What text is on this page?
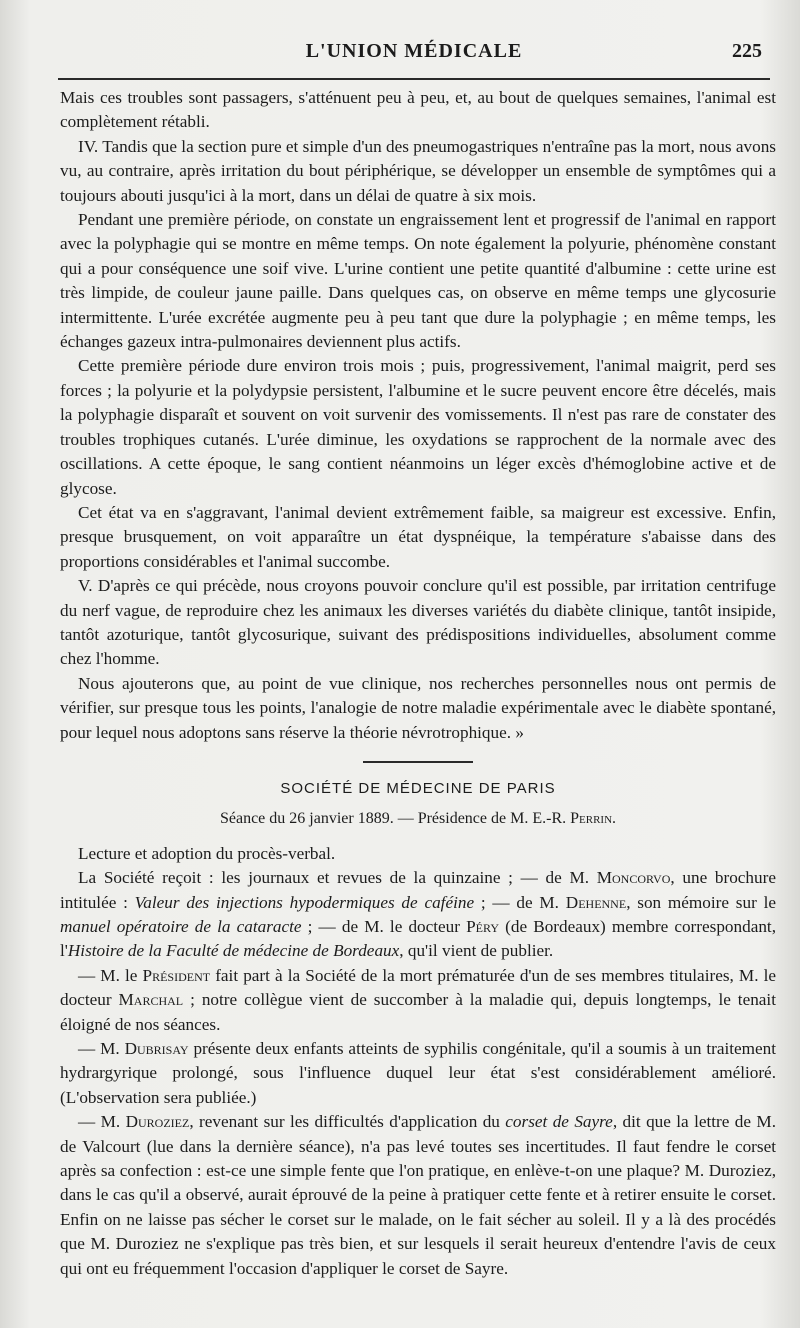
L'UNION MÉDICALE	225

Mais ces troubles sont passagers, s'atténuent peu à peu, et, au bout de quelques semaines, l'animal est complètement rétabli.

IV. Tandis que la section pure et simple d'un des pneumogastriques n'entraîne pas la mort, nous avons vu, au contraire, après irritation du bout périphérique, se développer un ensemble de symptômes qui a toujours abouti jusqu'ici à la mort, dans un délai de quatre à six mois.

Pendant une première période, on constate un engraissement lent et progressif de l'animal en rapport avec la polyphagie qui se montre en même temps. On note également la polyurie, phénomène constant qui a pour conséquence une soif vive. L'urine contient une petite quantité d'albumine : cette urine est très limpide, de couleur jaune paille. Dans quelques cas, on observe en même temps une glycosurie intermittente. L'urée excrétée augmente peu à peu tant que dure la polyphagie ; en même temps, les échanges gazeux intra-pulmonaires deviennent plus actifs.

Cette première période dure environ trois mois ; puis, progressivement, l'animal maigrit, perd ses forces ; la polyurie et la polydypsie persistent, l'albumine et le sucre peuvent encore être décelés, mais la polyphagie disparaît et souvent on voit survenir des vomissements. Il n'est pas rare de constater des troubles trophiques cutanés. L'urée diminue, les oxydations se rapprochent de la normale avec des oscillations. A cette époque, le sang contient néanmoins un léger excès d'hémoglobine active et de glycose.

Cet état va en s'aggravant, l'animal devient extrêmement faible, sa maigreur est excessive. Enfin, presque brusquement, on voit apparaître un état dyspnéique, la température s'abaisse dans des proportions considérables et l'animal succombe.

V. D'après ce qui précède, nous croyons pouvoir conclure qu'il est possible, par irritation centrifuge du nerf vague, de reproduire chez les animaux les diverses variétés du diabète clinique, tantôt insipide, tantôt azoturique, tantôt glycosurique, suivant des prédispositions individuelles, absolument comme chez l'homme.

Nous ajouterons que, au point de vue clinique, nos recherches personnelles nous ont permis de vérifier, sur presque tous les points, l'analogie de notre maladie expérimentale avec le diabète spontané, pour lequel nous adoptons sans réserve la théorie névrotrophique. »

SOCIÉTÉ DE MÉDECINE DE PARIS
Séance du 26 janvier 1889. — Présidence de M. E.-R. Perrin.

Lecture et adoption du procès-verbal.

La Société reçoit : les journaux et revues de la quinzaine ; — de M. Moncorvo, une brochure intitulée : Valeur des injections hypodermiques de caféine ; — de M. Dehenne, son mémoire sur le manuel opératoire de la cataracte ; — de M. le docteur Péry (de Bordeaux) membre correspondant, l'Histoire de la Faculté de médecine de Bordeaux, qu'il vient de publier.

— M. le Président fait part à la Société de la mort prématurée d'un de ses membres titulaires, M. le docteur Marchal ; notre collègue vient de succomber à la maladie qui, depuis longtemps, le tenait éloigné de nos séances.

— M. Dubrisay présente deux enfants atteints de syphilis congénitale, qu'il a soumis à un traitement hydrargyrique prolongé, sous l'influence duquel leur état s'est considérablement amélioré. (L'observation sera publiée.)

— M. Duroziez, revenant sur les difficultés d'application du corset de Sayre, dit que la lettre de M. de Valcourt (lue dans la dernière séance), n'a pas levé toutes ses incertitudes. Il faut fendre le corset après sa confection : est-ce une simple fente que l'on pratique, en enlève-t-on une plaque? M. Duroziez, dans le cas qu'il a observé, aurait éprouvé de la peine à pratiquer cette fente et à retirer ensuite le corset. Enfin on ne laisse pas sécher le corset sur le malade, on le fait sécher au soleil. Il y a là des procédés que M. Duroziez ne s'explique pas très bien, et sur lesquels il serait heureux d'entendre l'avis de ceux qui ont eu fréquemment l'occasion d'appliquer le corset de Sayre.
